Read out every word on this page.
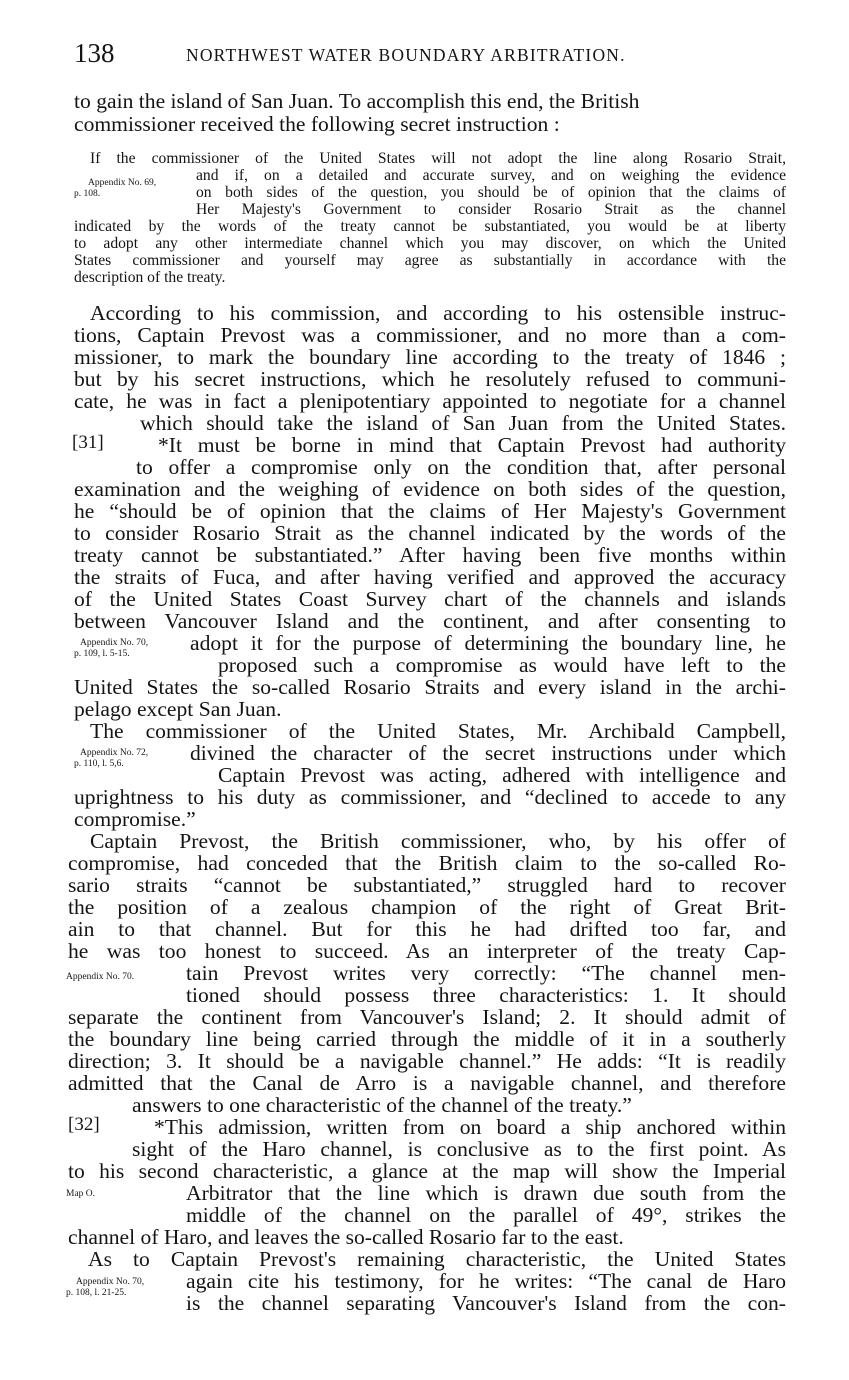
138	NORTHWEST WATER BOUNDARY ARBITRATION.
to gain the island of San Juan. To accomplish this end, the British
commissioner received the following secret instruction :
If the commissioner of the United States will not adopt the line along Rosario Strait,
and if, on a detailed and accurate survey, and on weighing the evidence
on both sides of the question, you should be of opinion that the claims of
Her Majesty's Government to consider Rosario Strait as the channel
indicated by the words of the treaty cannot be substantiated, you would be at liberty
to adopt any other intermediate channel which you may discover, on which the United
States commissioner and yourself may agree as substantially in accordance with the
description of the treaty.
According to his commission, and according to his ostensible instruc-
tions, Captain Prevost was a commissioner, and no more than a com-
missioner, to mark the boundary line according to the treaty of 1846 ;
but by his secret instructions, which he resolutely refused to communi-
cate, he was in fact a plenipotentiary appointed to negotiate for a channel
which should take the island of San Juan from the United States.
*It must be borne in mind that Captain Prevost had authority
to offer a compromise only on the condition that, after personal
examination and the weighing of evidence on both sides of the question,
he “should be of opinion that the claims of Her Majesty's Government
to consider Rosario Strait as the channel indicated by the words of the
treaty cannot be substantiated.” After having been five months within
the straits of Fuca, and after having verified and approved the accuracy
of the United States Coast Survey chart of the channels and islands
between Vancouver Island and the continent, and after consenting to
adopt it for the purpose of determining the boundary line, he
proposed such a compromise as would have left to the
United States the so-called Rosario Straits and every island in the archi-
pelago except San Juan.
The commissioner of the United States, Mr. Archibald Campbell,
divined the character of the secret instructions under which
Captain Prevost was acting, adhered with intelligence and
uprightness to his duty as commissioner, and “declined to accede to any
compromise.”
Captain Prevost, the British commissioner, who, by his offer of
compromise, had conceded that the British claim to the so-called Ro-
sario straits “cannot be substantiated,” struggled hard to recover
the position of a zealous champion of the right of Great Brit-
ain to that channel. But for this he had drifted too far, and
he was too honest to succeed. As an interpreter of the treaty Cap-
tain Prevost writes very correctly: “The channel men-
tioned should possess three characteristics: 1. It should
separate the continent from Vancouver's Island; 2. It should admit of
the boundary line being carried through the middle of it in a southerly
direction; 3. It should be a navigable channel.” He adds: “It is readily
admitted that the Canal de Arro is a navigable channel, and therefore
answers to one characteristic of the channel of the treaty.”
*This admission, written from on board a ship anchored within
sight of the Haro channel, is conclusive as to the first point. As
to his second characteristic, a glance at the map will show the Imperial
Arbitrator that the line which is drawn due south from the
middle of the channel on the parallel of 49°, strikes the
channel of Haro, and leaves the so-called Rosario far to the east.
As to Captain Prevost's remaining characteristic, the United States
again cite his testimony, for he writes: “The canal de Haro
is the channel separating Vancouver's Island from the con-
Appendix No. 69,
p. 108.
Appendix No. 70,
p. 109, l. 5-15.
Appendix No. 72,
p. 110, l. 5,6.
Appendix No. 70.
Map O.
Appendix No. 70,
p. 108, l. 21-25.
[31]
[32]
